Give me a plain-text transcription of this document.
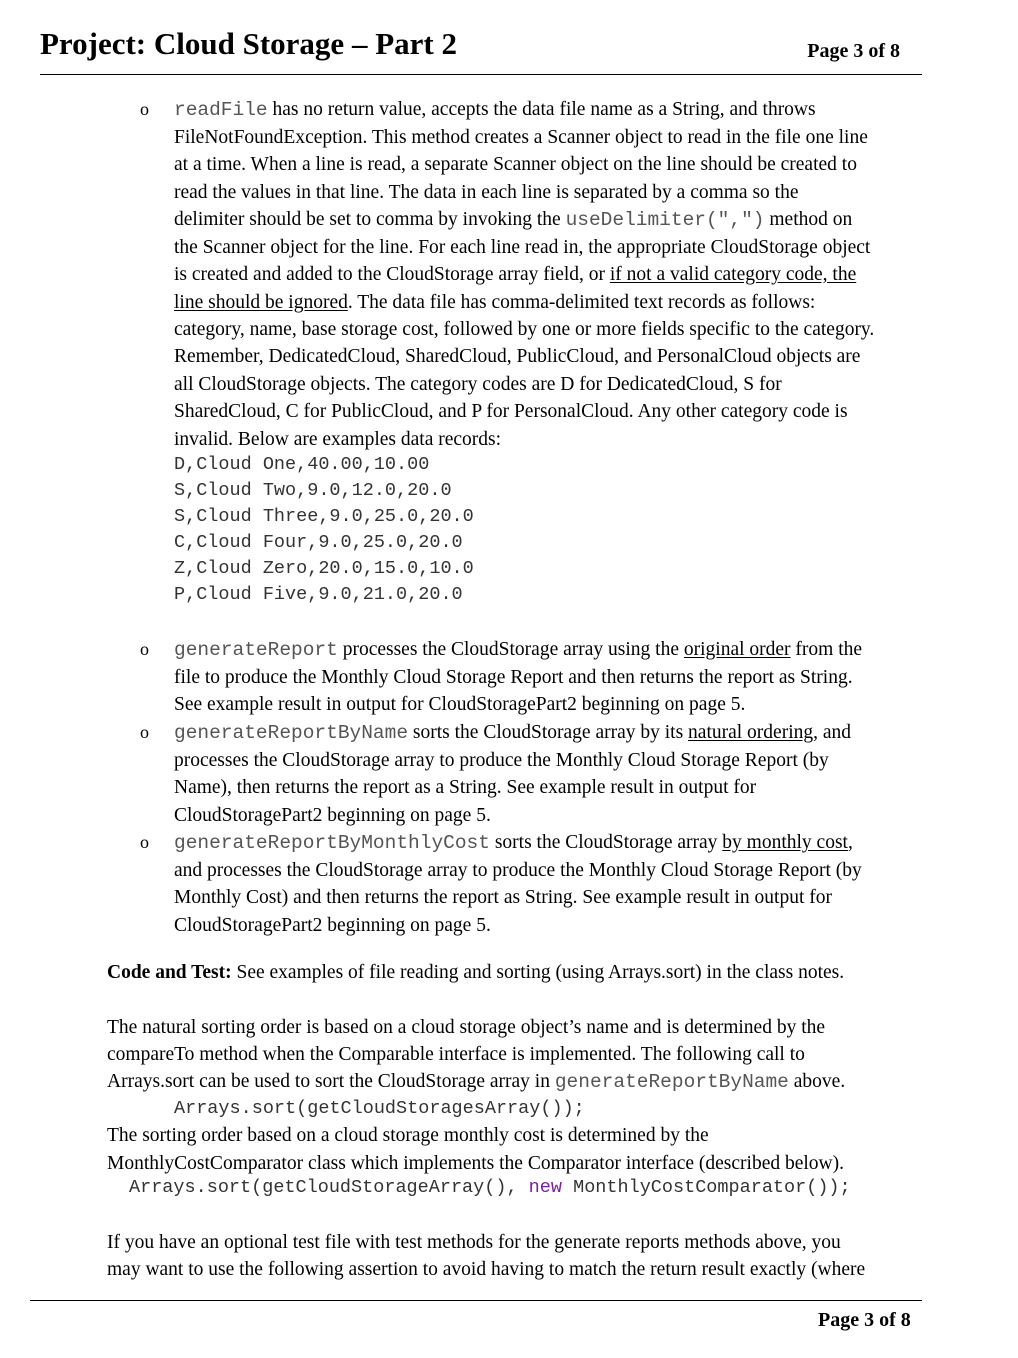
Project: Cloud Storage – Part 2	Page 3 of 8
o readFile has no return value, accepts the data file name as a String, and throws
FileNotFoundException. This method creates a Scanner object to read in the file one line
at a time. When a line is read, a separate Scanner object on the line should be created to
read the values in that line. The data in each line is separated by a comma so the
delimiter should be set to comma by invoking the useDelimiter(",") method on
the Scanner object for the line. For each line read in, the appropriate CloudStorage object
is created and added to the CloudStorage array field, or if not a valid category code, the
line should be ignored. The data file has comma-delimited text records as follows:
category, name, base storage cost, followed by one or more fields specific to the category.
Remember, DedicatedCloud, SharedCloud, PublicCloud, and PersonalCloud objects are
all CloudStorage objects. The category codes are D for DedicatedCloud, S for
SharedCloud, C for PublicCloud, and P for PersonalCloud. Any other category code is
invalid. Below are examples data records:
D,Cloud One,40.00,10.00
S,Cloud Two,9.0,12.0,20.0
S,Cloud Three,9.0,25.0,20.0
C,Cloud Four,9.0,25.0,20.0
Z,Cloud Zero,20.0,15.0,10.0
P,Cloud Five,9.0,21.0,20.0
o generateReport processes the CloudStorage array using the original order from the
file to produce the Monthly Cloud Storage Report and then returns the report as String.
See example result in output for CloudStoragePart2 beginning on page 5.
o generateReportByName sorts the CloudStorage array by its natural ordering, and
processes the CloudStorage array to produce the Monthly Cloud Storage Report (by
Name), then returns the report as a String. See example result in output for
CloudStoragePart2 beginning on page 5.
o generateReportByMonthlyCost sorts the CloudStorage array by monthly cost,
and processes the CloudStorage array to produce the Monthly Cloud Storage Report (by
Monthly Cost) and then returns the report as String. See example result in output for
CloudStoragePart2 beginning on page 5.
Code and Test: See examples of file reading and sorting (using Arrays.sort) in the class notes.
The natural sorting order is based on a cloud storage object’s name and is determined by the
compareTo method when the Comparable interface is implemented. The following call to
Arrays.sort can be used to sort the CloudStorage array in generateReportByName above.
Arrays.sort(getCloudStoragesArray());
The sorting order based on a cloud storage monthly cost is determined by the
MonthlyCostComparator class which implements the Comparator interface (described below).
Arrays.sort(getCloudStorageArray(), new MonthlyCostComparator());
If you have an optional test file with test methods for the generate reports methods above, you
may want to use the following assertion to avoid having to match the return result exactly (where
Page 3 of 8
